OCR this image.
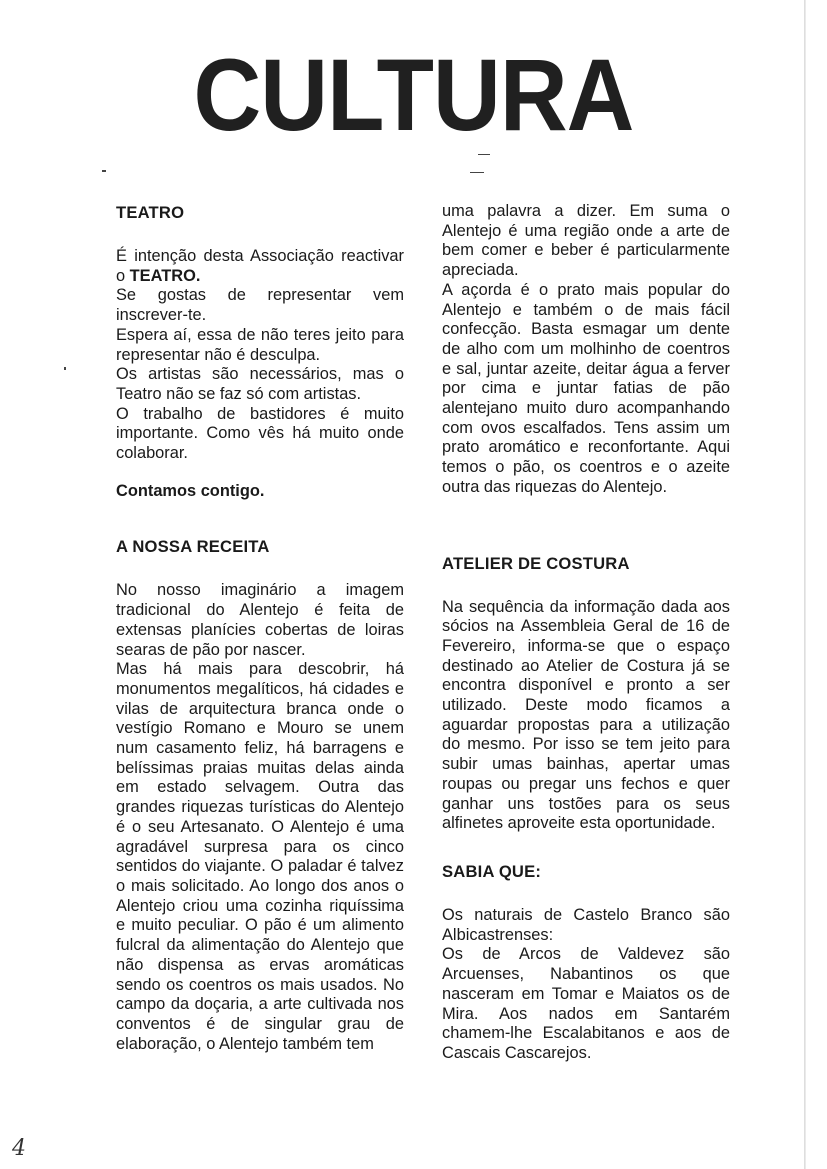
CULTURA
TEATRO

É intenção desta Associação reactivar o TEATRO.

Se gostas de representar vem inscrever-te.

Espera aí, essa de não teres jeito para representar não é desculpa.

Os artistas são necessários, mas o Teatro não se faz só com artistas.

O trabalho de bastidores é muito importante. Como vês há muito onde colaborar.

Contamos contigo.

A NOSSA RECEITA

No nosso imaginário a imagem tradicional do Alentejo é feita de extensas planícies cobertas de loiras searas de pão por nascer.

Mas há mais para descobrir, há monumentos megalíticos, há cidades e vilas de arquitectura branca onde o vestígio Romano e Mouro se unem num casamento feliz, há barragens e belíssimas praias muitas delas ainda em estado selvagem. Outra das grandes riquezas turísticas do Alentejo é o seu Artesanato. O Alentejo é uma agradável surpresa para os cinco sentidos do viajante. O paladar é talvez o mais solicitado. Ao longo dos anos o Alentejo criou uma cozinha riquíssima e muito peculiar. O pão é um alimento fulcral da alimentação do Alentejo que não dispensa as ervas aromáticas sendo os coentros os mais usados. No campo da doçaria, a arte cultivada nos conventos é de singular grau de elaboração, o Alentejo também tem

uma palavra a dizer. Em suma o Alentejo é uma região onde a arte de bem comer e beber é particularmente apreciada.

A açorda é o prato mais popular do Alentejo e também o de mais fácil confecção. Basta esmagar um dente de alho com um molhinho de coentros e sal, juntar azeite, deitar água a ferver por cima e juntar fatias de pão alentejano muito duro acompanhando com ovos escalfados. Tens assim um prato aromático e reconfortante. Aqui temos o pão, os coentros e o azeite outra das riquezas do Alentejo.

ATELIER DE COSTURA

Na sequência da informação dada aos sócios na Assembleia Geral de 16 de Fevereiro, informa-se que o espaço destinado ao Atelier de Costura já se encontra disponível e pronto a ser utilizado. Deste modo ficamos a aguardar propostas para a utilização do mesmo. Por isso se tem jeito para subir umas bainhas, apertar umas roupas ou pregar uns fechos e quer ganhar uns tostões para os seus alfinetes aproveite esta oportunidade.

SABIA QUE:

Os naturais de Castelo Branco são Albicastrenses:

Os de Arcos de Valdevez são Arcuenses, Nabantinos os que nasceram em Tomar e Maiatos os de Mira. Aos nados em Santarém chamem-lhe Escalabitanos e aos de Cascais Cascarejos.

4
